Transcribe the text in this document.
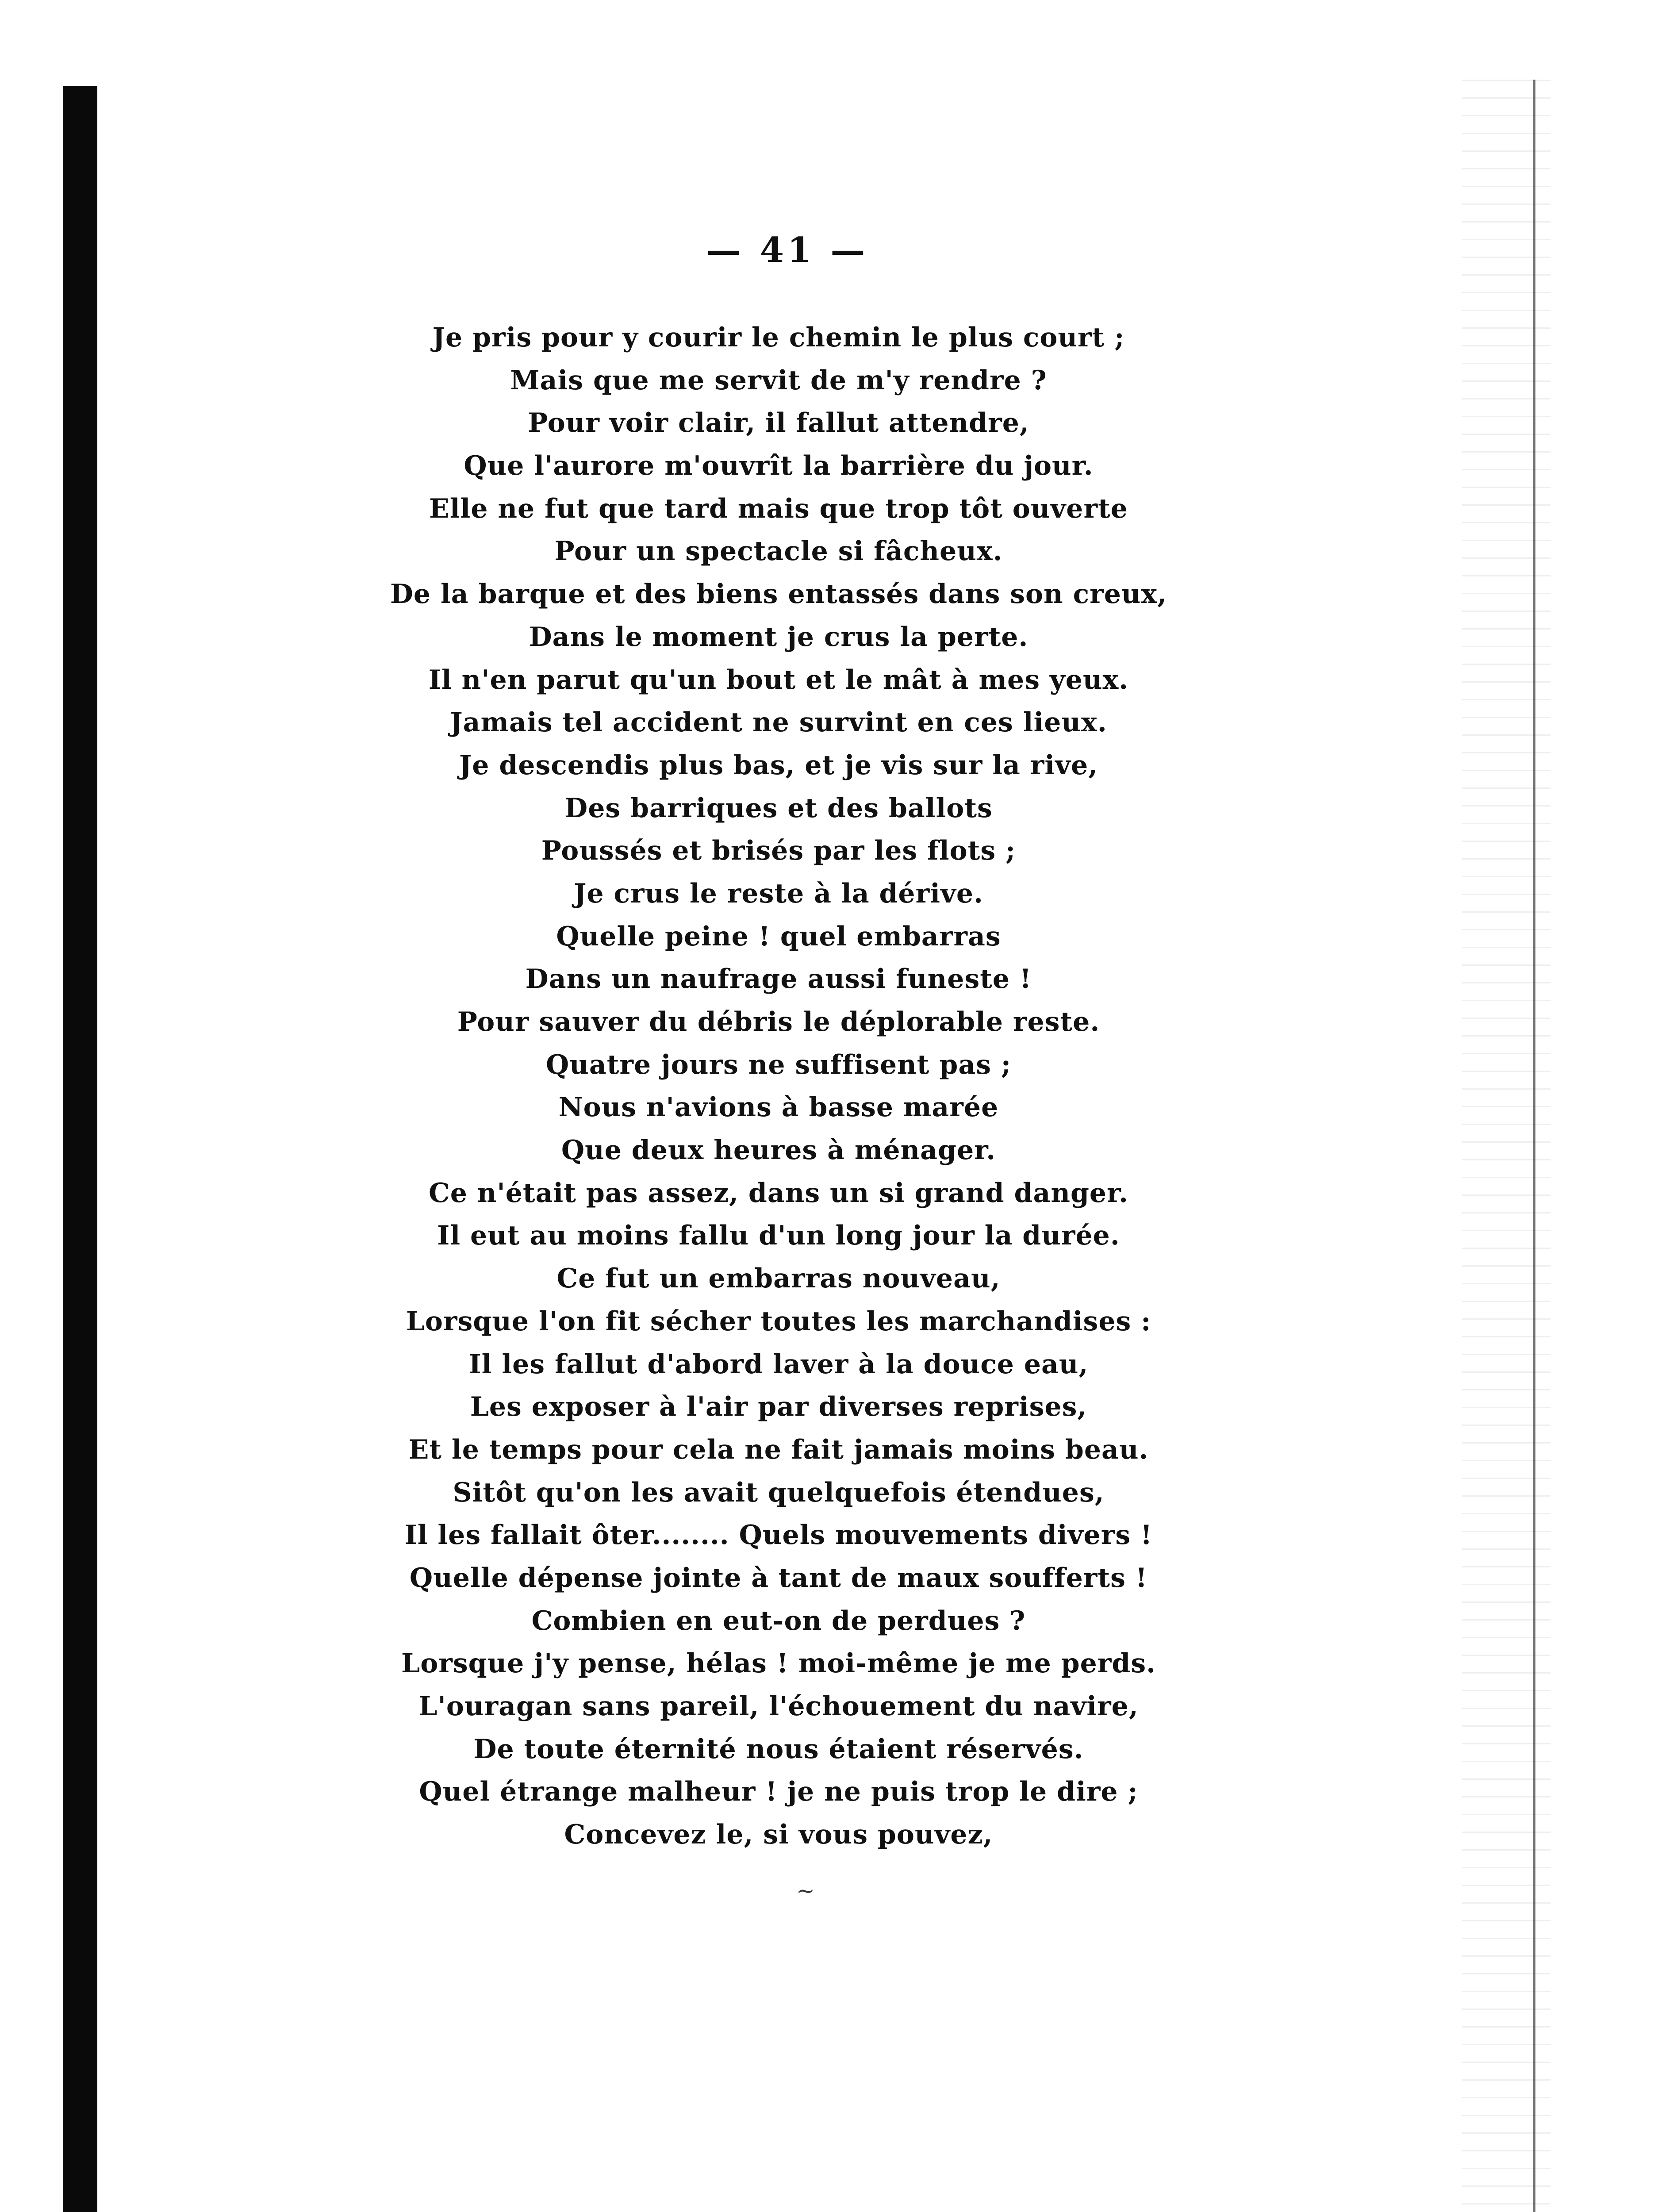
— 41 —
Je pris pour y courir le chemin le plus court ;
Mais que me servit de m'y rendre ?
Pour voir clair, il fallut attendre,
Que l'aurore m'ouvrît la barrière du jour.
Elle ne fut que tard mais que trop tôt ouverte
Pour un spectacle si fâcheux.
De la barque et des biens entassés dans son creux,
Dans le moment je crus la perte.
Il n'en parut qu'un bout et le mât à mes yeux.
Jamais tel accident ne survint en ces lieux.
Je descendis plus bas, et je vis sur la rive,
Des barriques et des ballots
Poussés et brisés par les flots ;
Je crus le reste à la dérive.
Quelle peine ! quel embarras
Dans un naufrage aussi funeste !
Pour sauver du débris le déplorable reste.
Quatre jours ne suffisent pas ;
Nous n'avions à basse marée
Que deux heures à ménager.
Ce n'était pas assez, dans un si grand danger.
Il eut au moins fallu d'un long jour la durée.
Ce fut un embarras nouveau,
Lorsque l'on fit sécher toutes les marchandises :
Il les fallut d'abord laver à la douce eau,
Les exposer à l'air par diverses reprises,
Et le temps pour cela ne fait jamais moins beau.
Sitôt qu'on les avait quelquefois étendues,
Il les fallait ôter........ Quels mouvements divers !
Quelle dépense jointe à tant de maux soufferts !
Combien en eut-on de perdues ?
Lorsque j'y pense, hélas ! moi-même je me perds.
L'ouragan sans pareil, l'échouement du navire,
De toute éternité nous étaient réservés.
Quel étrange malheur ! je ne puis trop le dire ;
Concevez le, si vous pouvez,
~
